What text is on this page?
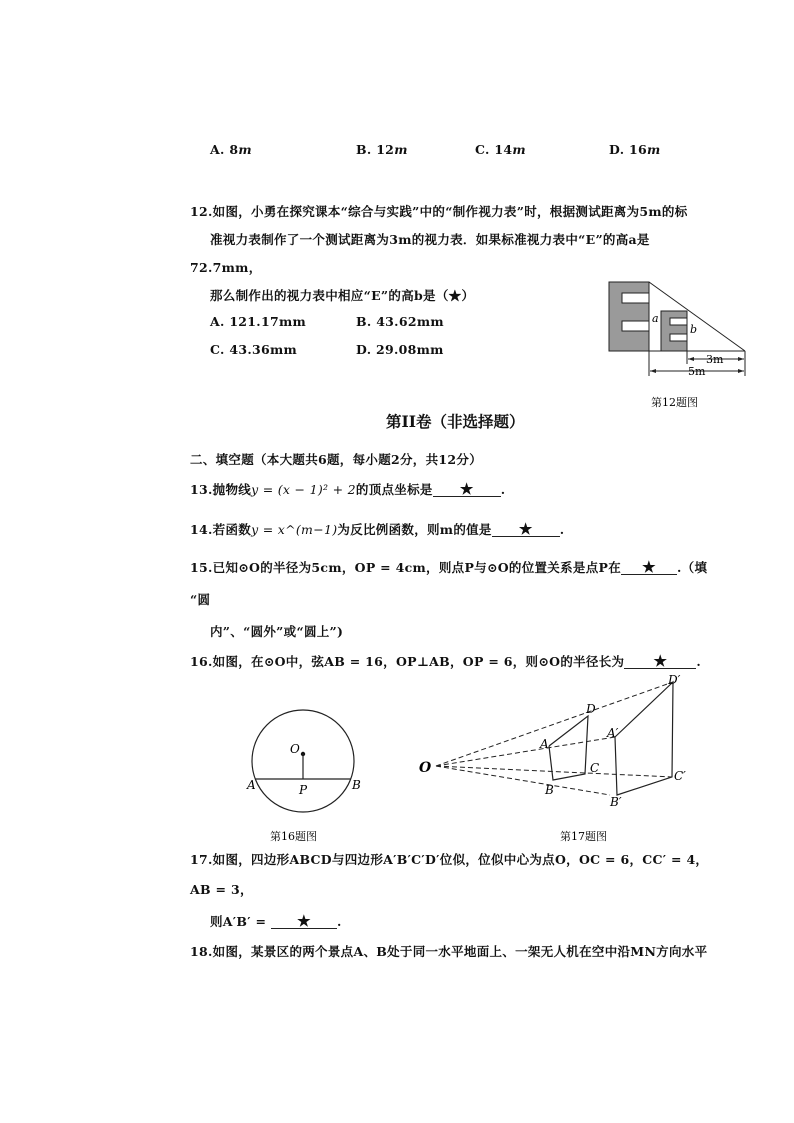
A. 8m	B. 12m	C. 14m	D. 16m
12.如图，小勇在探究课本“综合与实践”中的“制作视力表”时，根据测试距离为5m的标
准视力表制作了一个测试距离为3m的视力表．如果标准视力表中“E”的高a是
72.7mm，
那么制作出的视力表中相应“E”的高b是（★）
A. 121.17mm	B. 43.62mm
C. 43.36mm	D. 29.08mm
a
b
3m
5m
第12题图
第II卷（非选择题）
二、填空题（本大题共6题，每小题2分，共12分）
13.抛物线y = (x − 1)² + 2的顶点坐标是 ★ .
14.若函数y = x^(m−1)为反比例函数，则m的值是 ★ .
15.已知⊙O的半径为5cm，OP = 4cm，则点P与⊙O的位置关系是点P在 ★ .（填
“圆
内”、“圆外”或“圆上”)
16.如图，在⊙O中，弦AB = 16，OP⊥AB，OP = 6，则⊙O的半径长为 ★ .
O
A	B
P
第16题图
O
A
B
C
D
A′
B′
C′
D′
第17题图
17.如图，四边形ABCD与四边形A′B′C′D′位似，位似中心为点O，OC = 6，CC′ = 4，
AB = 3，
则A′B′ = ★ .
18.如图，某景区的两个景点A、B处于同一水平地面上、一架无人机在空中沿MN方向水平
